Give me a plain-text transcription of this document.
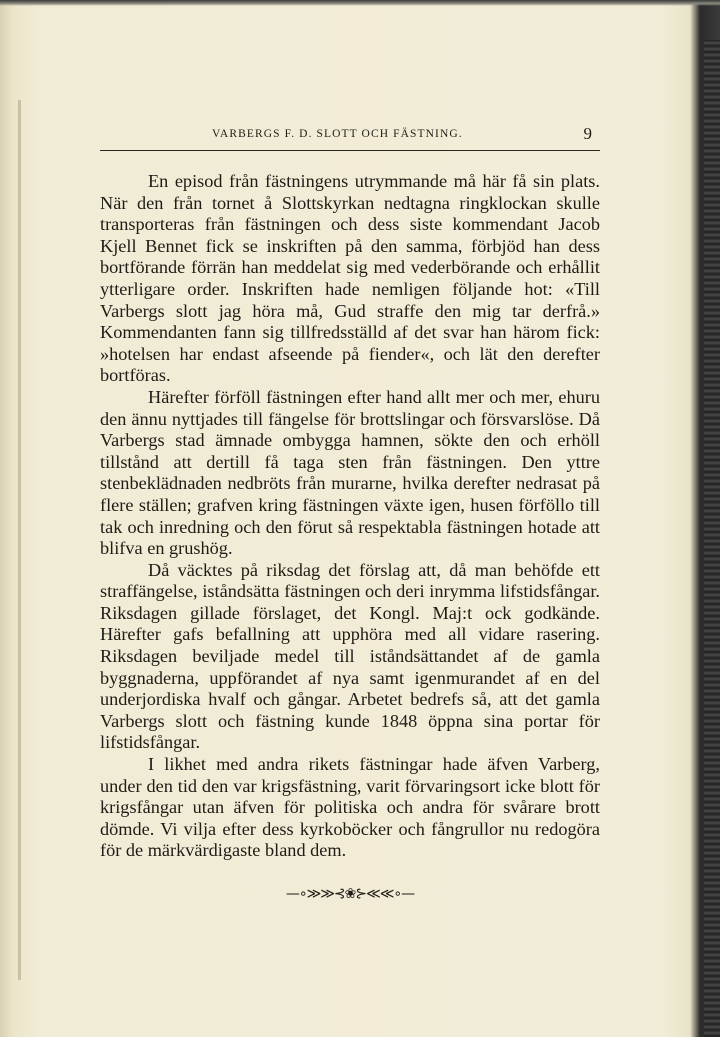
VARBERGS F. D. SLOTT OCH FÄSTNING.	9

En episod från fästningens utrymmande må här få sin plats. När den från tornet å Slottskyrkan nedtagna ringklockan skulle transporteras från fästningen och dess siste kommendant Jacob Kjell Bennet fick se inskriften på den samma, förbjöd han dess bortförande förrän han meddelat sig med vederbörande och erhållit ytterligare order. Inskriften hade nemligen följande hot: «Till Varbergs slott jag höra må, Gud straffe den mig tar derfrå.» Kommendanten fann sig tillfredsställd af det svar han härom fick: »hotelsen har endast afseende på fiender«, och lät den derefter bortföras.

Härefter förföll fästningen efter hand allt mer och mer, ehuru den ännu nyttjades till fängelse för brottslingar och försvarslöse. Då Varbergs stad ämnade ombygga hamnen, sökte den och erhöll tillstånd att dertill få taga sten från fästningen. Den yttre stenbeklädnaden nedbröts från murarne, hvilka derefter nedrasat på flere ställen; grafven kring fästningen växte igen, husen förföllo till tak och inredning och den förut så respektabla fästningen hotade att blifva en grushög.

Då väcktes på riksdag det förslag att, då man behöfde ett straffängelse, iståndsätta fästningen och deri inrymma lifstidsfångar. Riksdagen gillade förslaget, det Kongl. Maj:t ock godkände. Härefter gafs befallning att upphöra med all vidare rasering. Riksdagen beviljade medel till iståndsättandet af de gamla byggnaderna, uppförandet af nya samt igenmurandet af en del underjordiska hvalf och gångar. Arbetet bedrefs så, att det gamla Varbergs slott och fästning kunde 1848 öppna sina portar för lifstidsfångar.

I likhet med andra rikets fästningar hade äfven Varberg, under den tid den var krigsfästning, varit förvaringsort icke blott för krigsfångar utan äfven för politiska och andra för svårare brott dömde. Vi vilja efter dess kyrkoböcker och fångrullor nu redogöra för de märkvärdigaste bland dem.

—∘≫≫⊰❀⊱≪≪∘—
